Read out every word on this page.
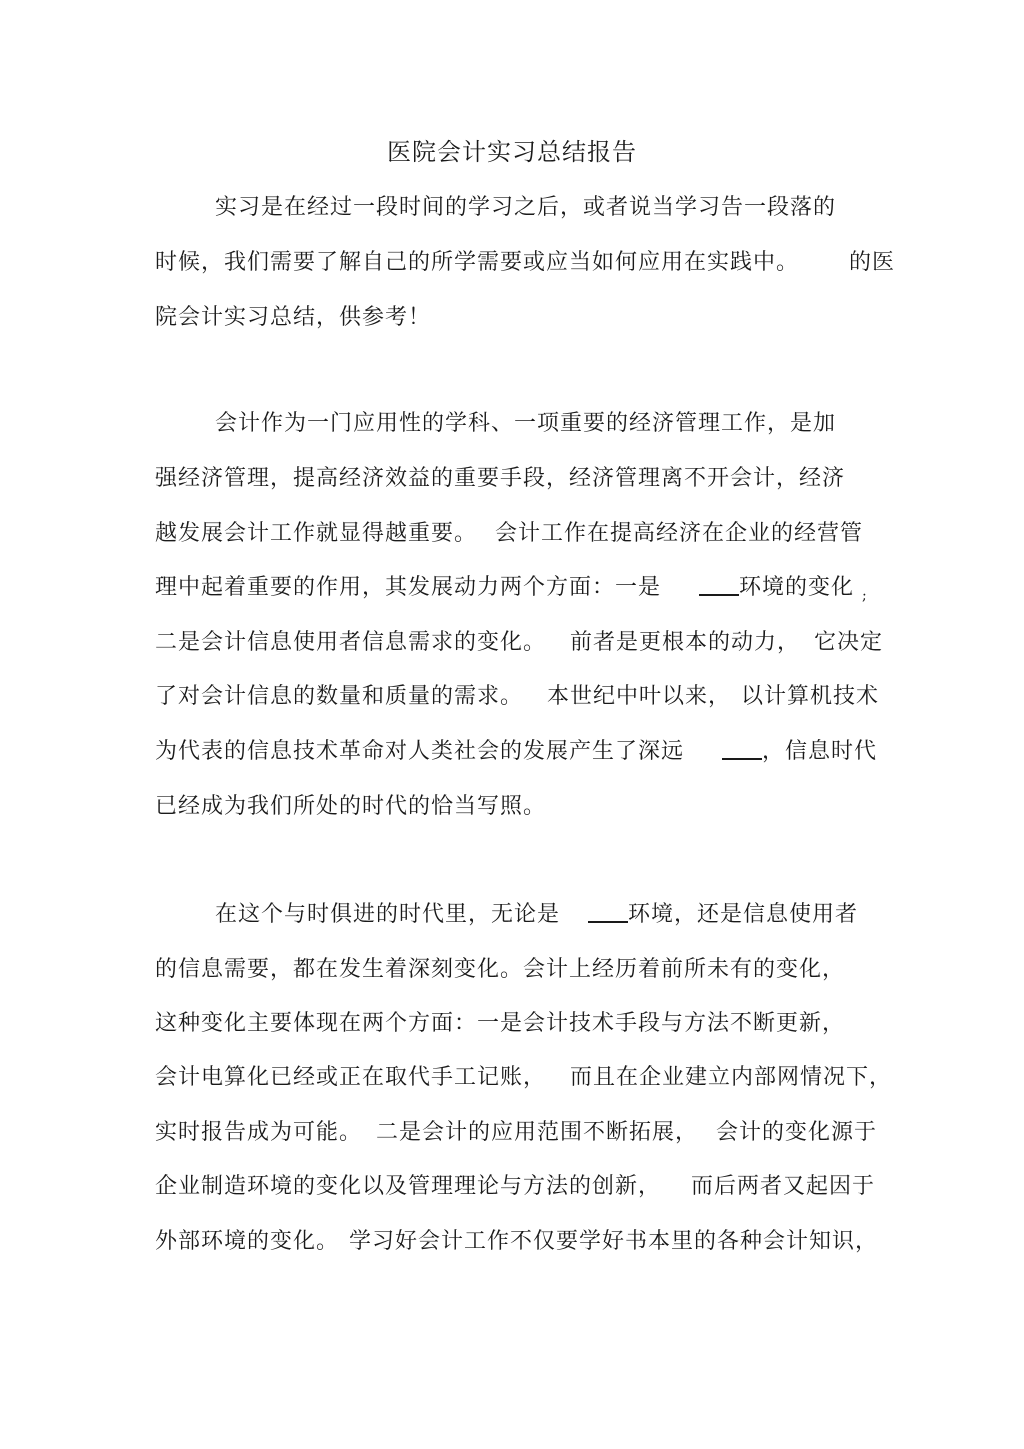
医院会计实习总结报告
实习是在经过一段时间的学习之后，或者说当学习告一段落的
时候，我们需要了解自己的所学需要或应当如何应用在实践中。 的医
院会计实习总结，供参考！
会计作为一门应用性的学科、一项重要的经济管理工作，是加
强经济管理，提高经济效益的重要手段，经济管理离不开会计，经济
越发展会计工作就显得越重要。 会计工作在提高经济在企业的经营管
理中起着重要的作用，其发展动力两个方面：一是	环境的变化 ;
二是会计信息使用者信息需求的变化。 前者是更根本的动力， 它决定
了对会计信息的数量和质量的需求。 本世纪中叶以来， 以计算机技术
为代表的信息技术革命对人类社会的发展产生了深远	，信息时代
已经成为我们所处的时代的恰当写照。
在这个与时俱进的时代里，无论是	环境，还是信息使用者
的信息需要，都在发生着深刻变化。会计上经历着前所未有的变化，
这种变化主要体现在两个方面：一是会计技术手段与方法不断更新，
会计电算化已经或正在取代手工记账， 而且在企业建立内部网情况下，
实时报告成为可能。 二是会计的应用范围不断拓展， 会计的变化源于
企业制造环境的变化以及管理理论与方法的创新， 而后两者又起因于
外部环境的变化。 学习好会计工作不仅要学好书本里的各种会计知识，
